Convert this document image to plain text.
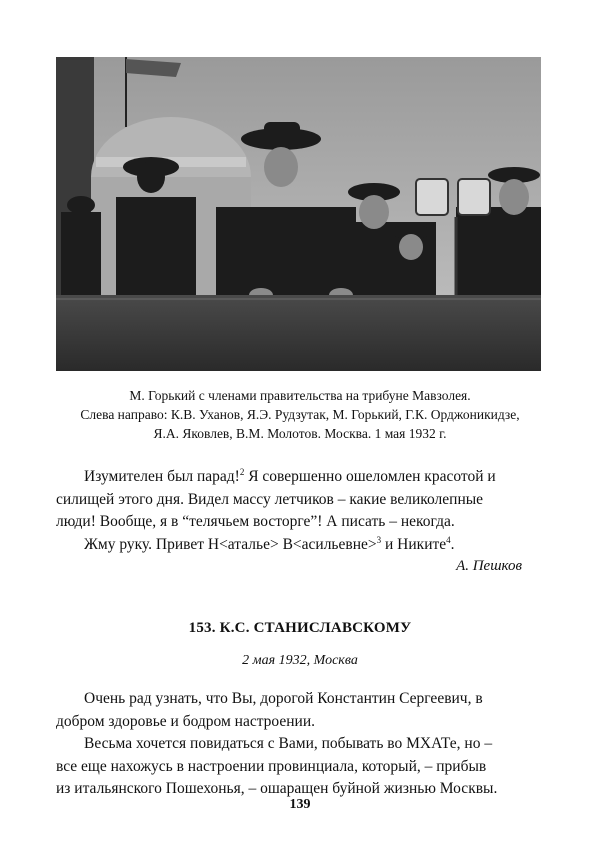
М. Горький с членами правительства на трибуне Мавзолея.
Слева направо: К.В. Уханов, Я.Э. Рудзутак, М. Горький, Г.К. Орджоникидзе,
Я.А. Яковлев, В.М. Молотов. Москва. 1 мая 1932 г.
Изумителен был парад!$^2$ Я совершенно ошеломлен красотой и
силищей этого дня. Видел массу летчиков – какие великолепные
люди! Вообще, я в “телячьем восторге”! А писать – некогда.
Жму руку. Привет Н<аталье> В<асильевне>$^3$ и Никите$^4$.
А. Пешков
153. К.С. СТАНИСЛАВСКОМУ
2 мая 1932, Москва
Очень рад узнать, что Вы, дорогой Константин Сергеевич, в
добром здоровье и бодром настроении.
Весьма хочется повидаться с Вами, побывать во МХАТе, но –
все еще нахожусь в настроении провинциала, который, – прибыв
из итальянского Пошехонья, – ошаращен буйной жизнью Москвы.
139
